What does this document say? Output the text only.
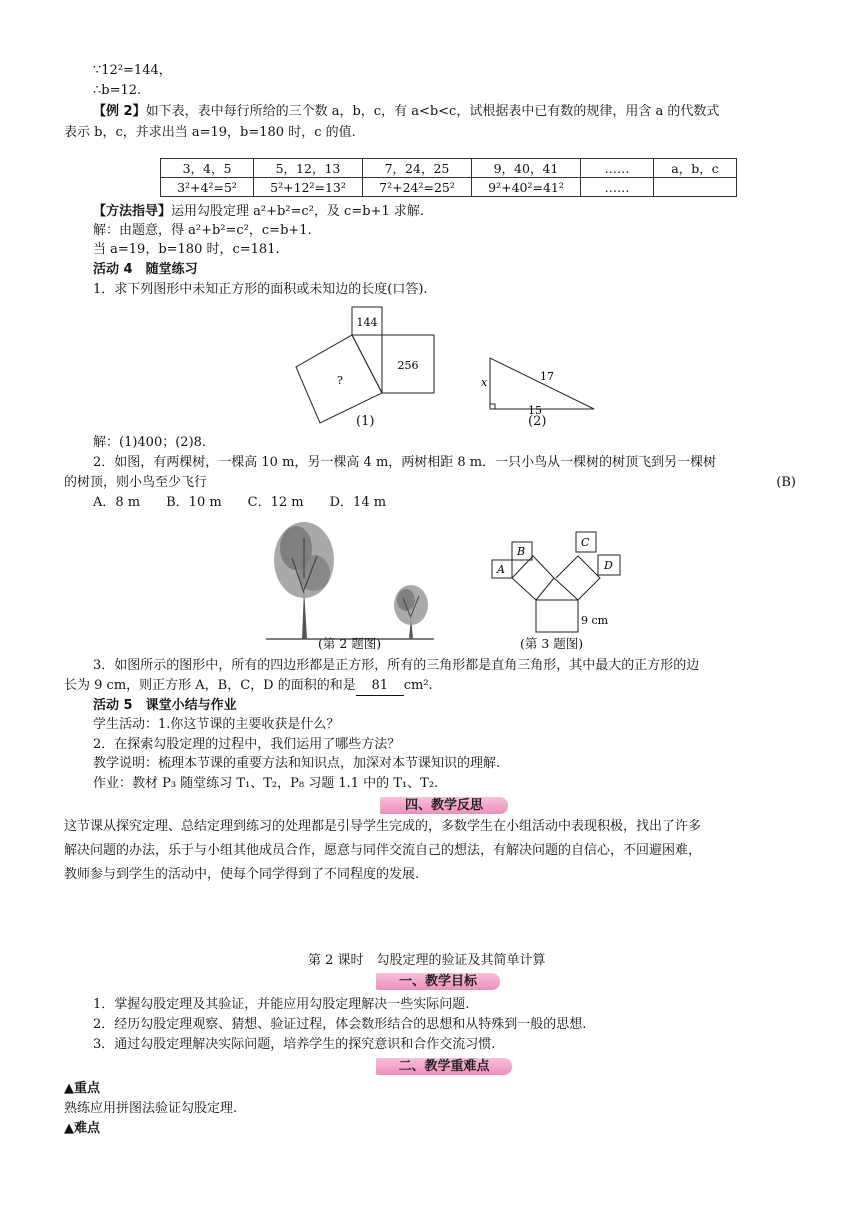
∵12²=144，
∴b=12.
【例 2】如下表，表中每行所给的三个数 a，b，c，有 a<b<c，试根据表中已有数的规律，用含 a 的代数式
表示 b，c，并求出当 a=19，b=180 时，c 的值.
3，4，5	5，12，13	7，24，25	9，40，41	……	a，b，c
3²+4²=5²	5²+12²=13²	7²+24²=25²	9²+40²=41²	……	
【方法指导】运用勾股定理 a²+b²=c²，及 c=b+1 求解.
解：由题意，得 a²+b²=c²，c=b+1.
当 a=19，b=180 时，c=181.
活动 4　随堂练习
1．求下列图形中未知正方形的面积或未知边的长度(口答).
144
256
?
(1)
x	17
15
(2)
解：(1)400；(2)8.
2．如图，有两棵树，一棵高 10 m，另一棵高 4 m，两树相距 8 m．一只小鸟从一棵树的树顶飞到另一棵树
的树顶，则小鸟至少飞行	(B)
A．8 m　　B．10 m　　C．12 m　　D．14 m
(第 2 题图)
B
A
C
D
9 cm
(第 3 题图)
3．如图所示的图形中，所有的四边形都是正方形，所有的三角形都是直角三角形，其中最大的正方形的边
长为 9 cm，则正方形 A，B，C，D 的面积的和是 81 cm².
活动 5　课堂小结与作业
学生活动：1.你这节课的主要收获是什么？
2．在探索勾股定理的过程中，我们运用了哪些方法？
教学说明：梳理本节课的重要方法和知识点，加深对本节课知识的理解.
作业：教材 P₃ 随堂练习 T₁、T₂，P₈ 习题 1.1 中的 T₁、T₂.
四、教学反思
这节课从探究定理、总结定理到练习的处理都是引导学生完成的，多数学生在小组活动中表现积极，找出了许多
解决问题的办法，乐于与小组其他成员合作，愿意与同伴交流自己的想法，有解决问题的自信心，不回避困难，
教师参与到学生的活动中，使每个同学得到了不同程度的发展.
第 2 课时　勾股定理的验证及其简单计算
一、教学目标
1．掌握勾股定理及其验证，并能应用勾股定理解决一些实际问题.
2．经历勾股定理观察、猜想、验证过程，体会数形结合的思想和从特殊到一般的思想.
3．通过勾股定理解决实际问题，培养学生的探究意识和合作交流习惯.
二、教学重难点
▲重点
熟练应用拼图法验证勾股定理.
▲难点
